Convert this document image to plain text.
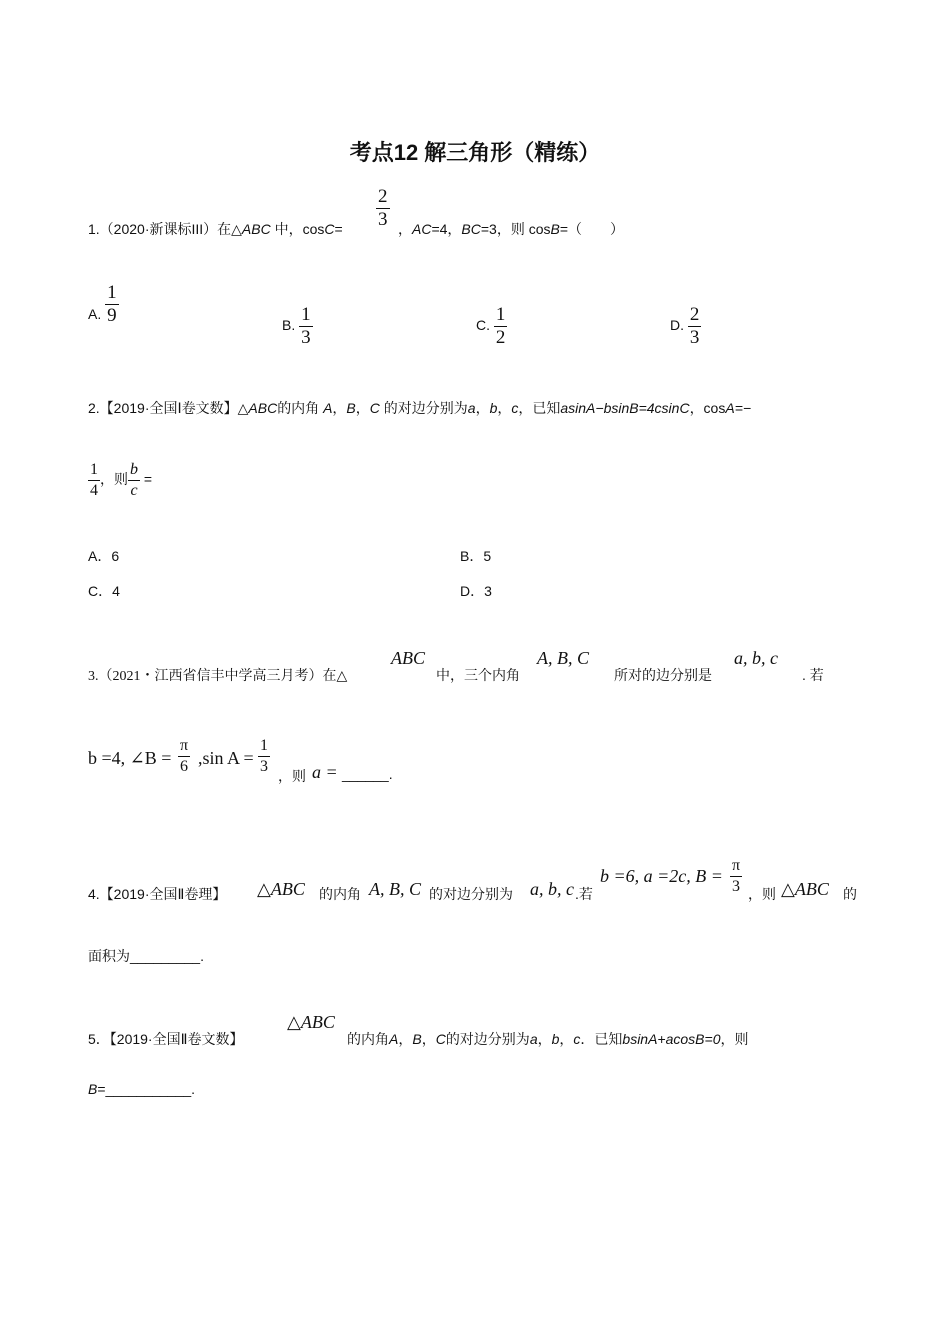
考点12 解三角形（精练）
1.（2020·新课标III）在△ABC 中，$\cos C= \frac{2}{3}$ ，AC=4，BC=3，则 cosB=（　　）
A. $\frac{1}{9}$	B. $\frac{1}{3}$	C. $\frac{1}{2}$	D. $\frac{2}{3}$
2.【2019·全国Ⅰ卷文数】△ABC的内角 A，B，C 的对边分别为a，b，c，已知asinA−bsinB=4csinC，cosA=−
$\frac{1}{4}$ ，则 $\frac{b}{c}$ =
A．6	B．5
C．4	D．3
3.（2021・江西省信丰中学高三月考）在△
ABC
中，三个内角
A, B, C
所对的边分别是
a, b, c
. 若
b =4, ∠B = $\frac{\pi}{6} ,\sin$ $A = \frac{1}{3}$ ，则 a = ______.
4.【2019·全国Ⅱ卷理】 △ABC 的内角 A, B, C 的对边分别为 a, b, c .若
b =6, a =2c, $B = \frac{\pi}{3}$ ，则 △ABC 的
面积为_________.
5．【2019·全国Ⅱ卷文数】
△ABC
的内角A，B，C的对边分别为a，b，c．已知bsinA+acosB=0，则
B=___________.
